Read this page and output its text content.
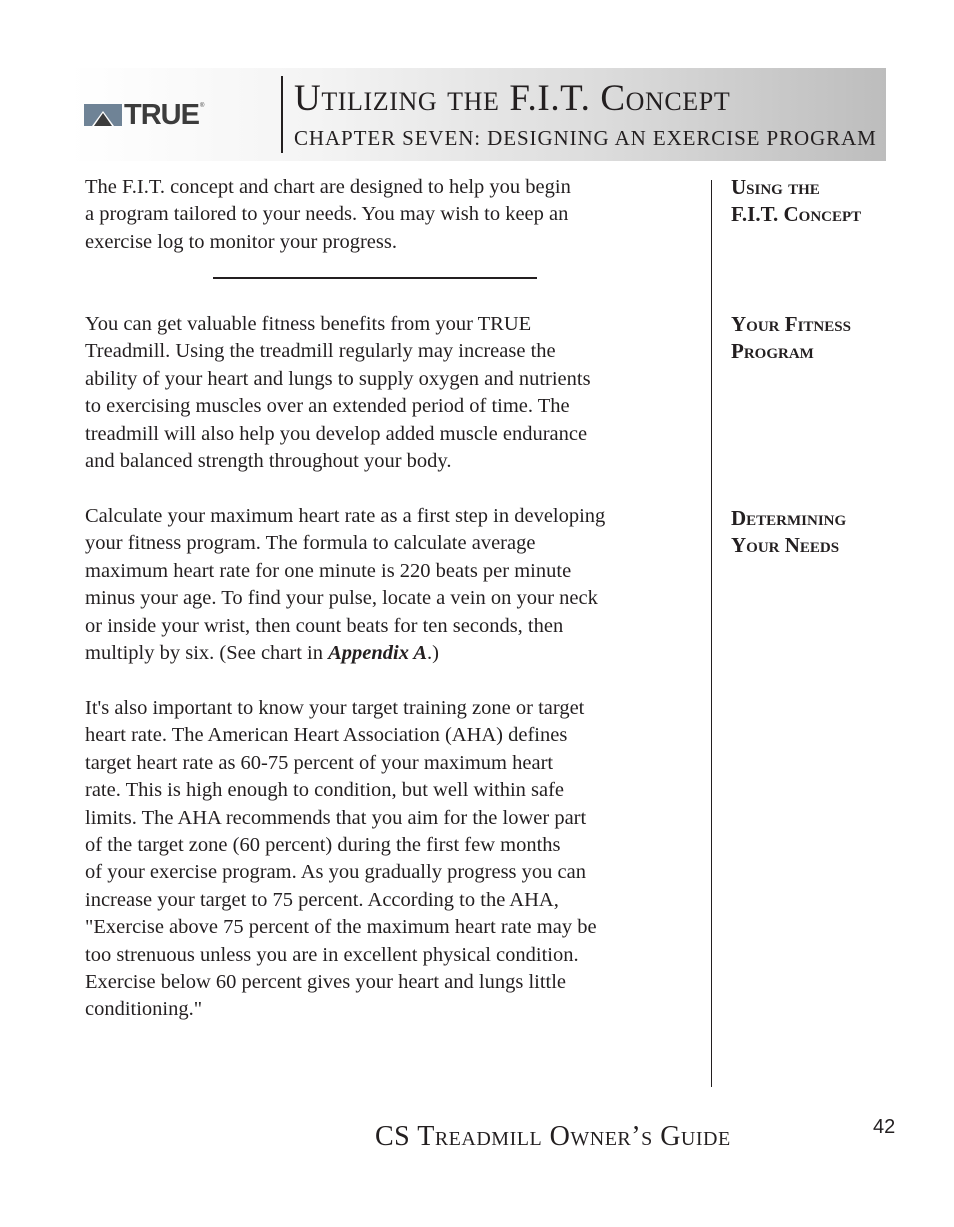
TRUE ® Utilizing the F.I.T. Concept
CHAPTER SEVEN: DESIGNING AN EXERCISE PROGRAM

The F.I.T. concept and chart are designed to help you begin
a program tailored to your needs. You may wish to keep an
exercise log to monitor your progress.

You can get valuable fitness benefits from your TRUE
Treadmill. Using the treadmill regularly may increase the
ability of your heart and lungs to supply oxygen and nutrients
to exercising muscles over an extended period of time. The
treadmill will also help you develop added muscle endurance
and balanced strength throughout your body.

Calculate your maximum heart rate as a first step in developing
your fitness program. The formula to calculate average
maximum heart rate for one minute is 220 beats per minute
minus your age. To find your pulse, locate a vein on your neck
or inside your wrist, then count beats for ten seconds, then
multiply by six. (See chart in Appendix A.)

It's also important to know your target training zone or target
heart rate. The American Heart Association (AHA) defines
target heart rate as 60-75 percent of your maximum heart
rate. This is high enough to condition, but well within safe
limits. The AHA recommends that you aim for the lower part
of the target zone (60 percent) during the first few months
of your exercise program. As you gradually progress you can
increase your target to 75 percent. According to the AHA,
"Exercise above 75 percent of the maximum heart rate may be
too strenuous unless you are in excellent physical condition.
Exercise below 60 percent gives your heart and lungs little
conditioning."

Using the
F.I.T. Concept
Your Fitness
Program
Determining
Your Needs
CS Treadmill Owner’s Guide	42
